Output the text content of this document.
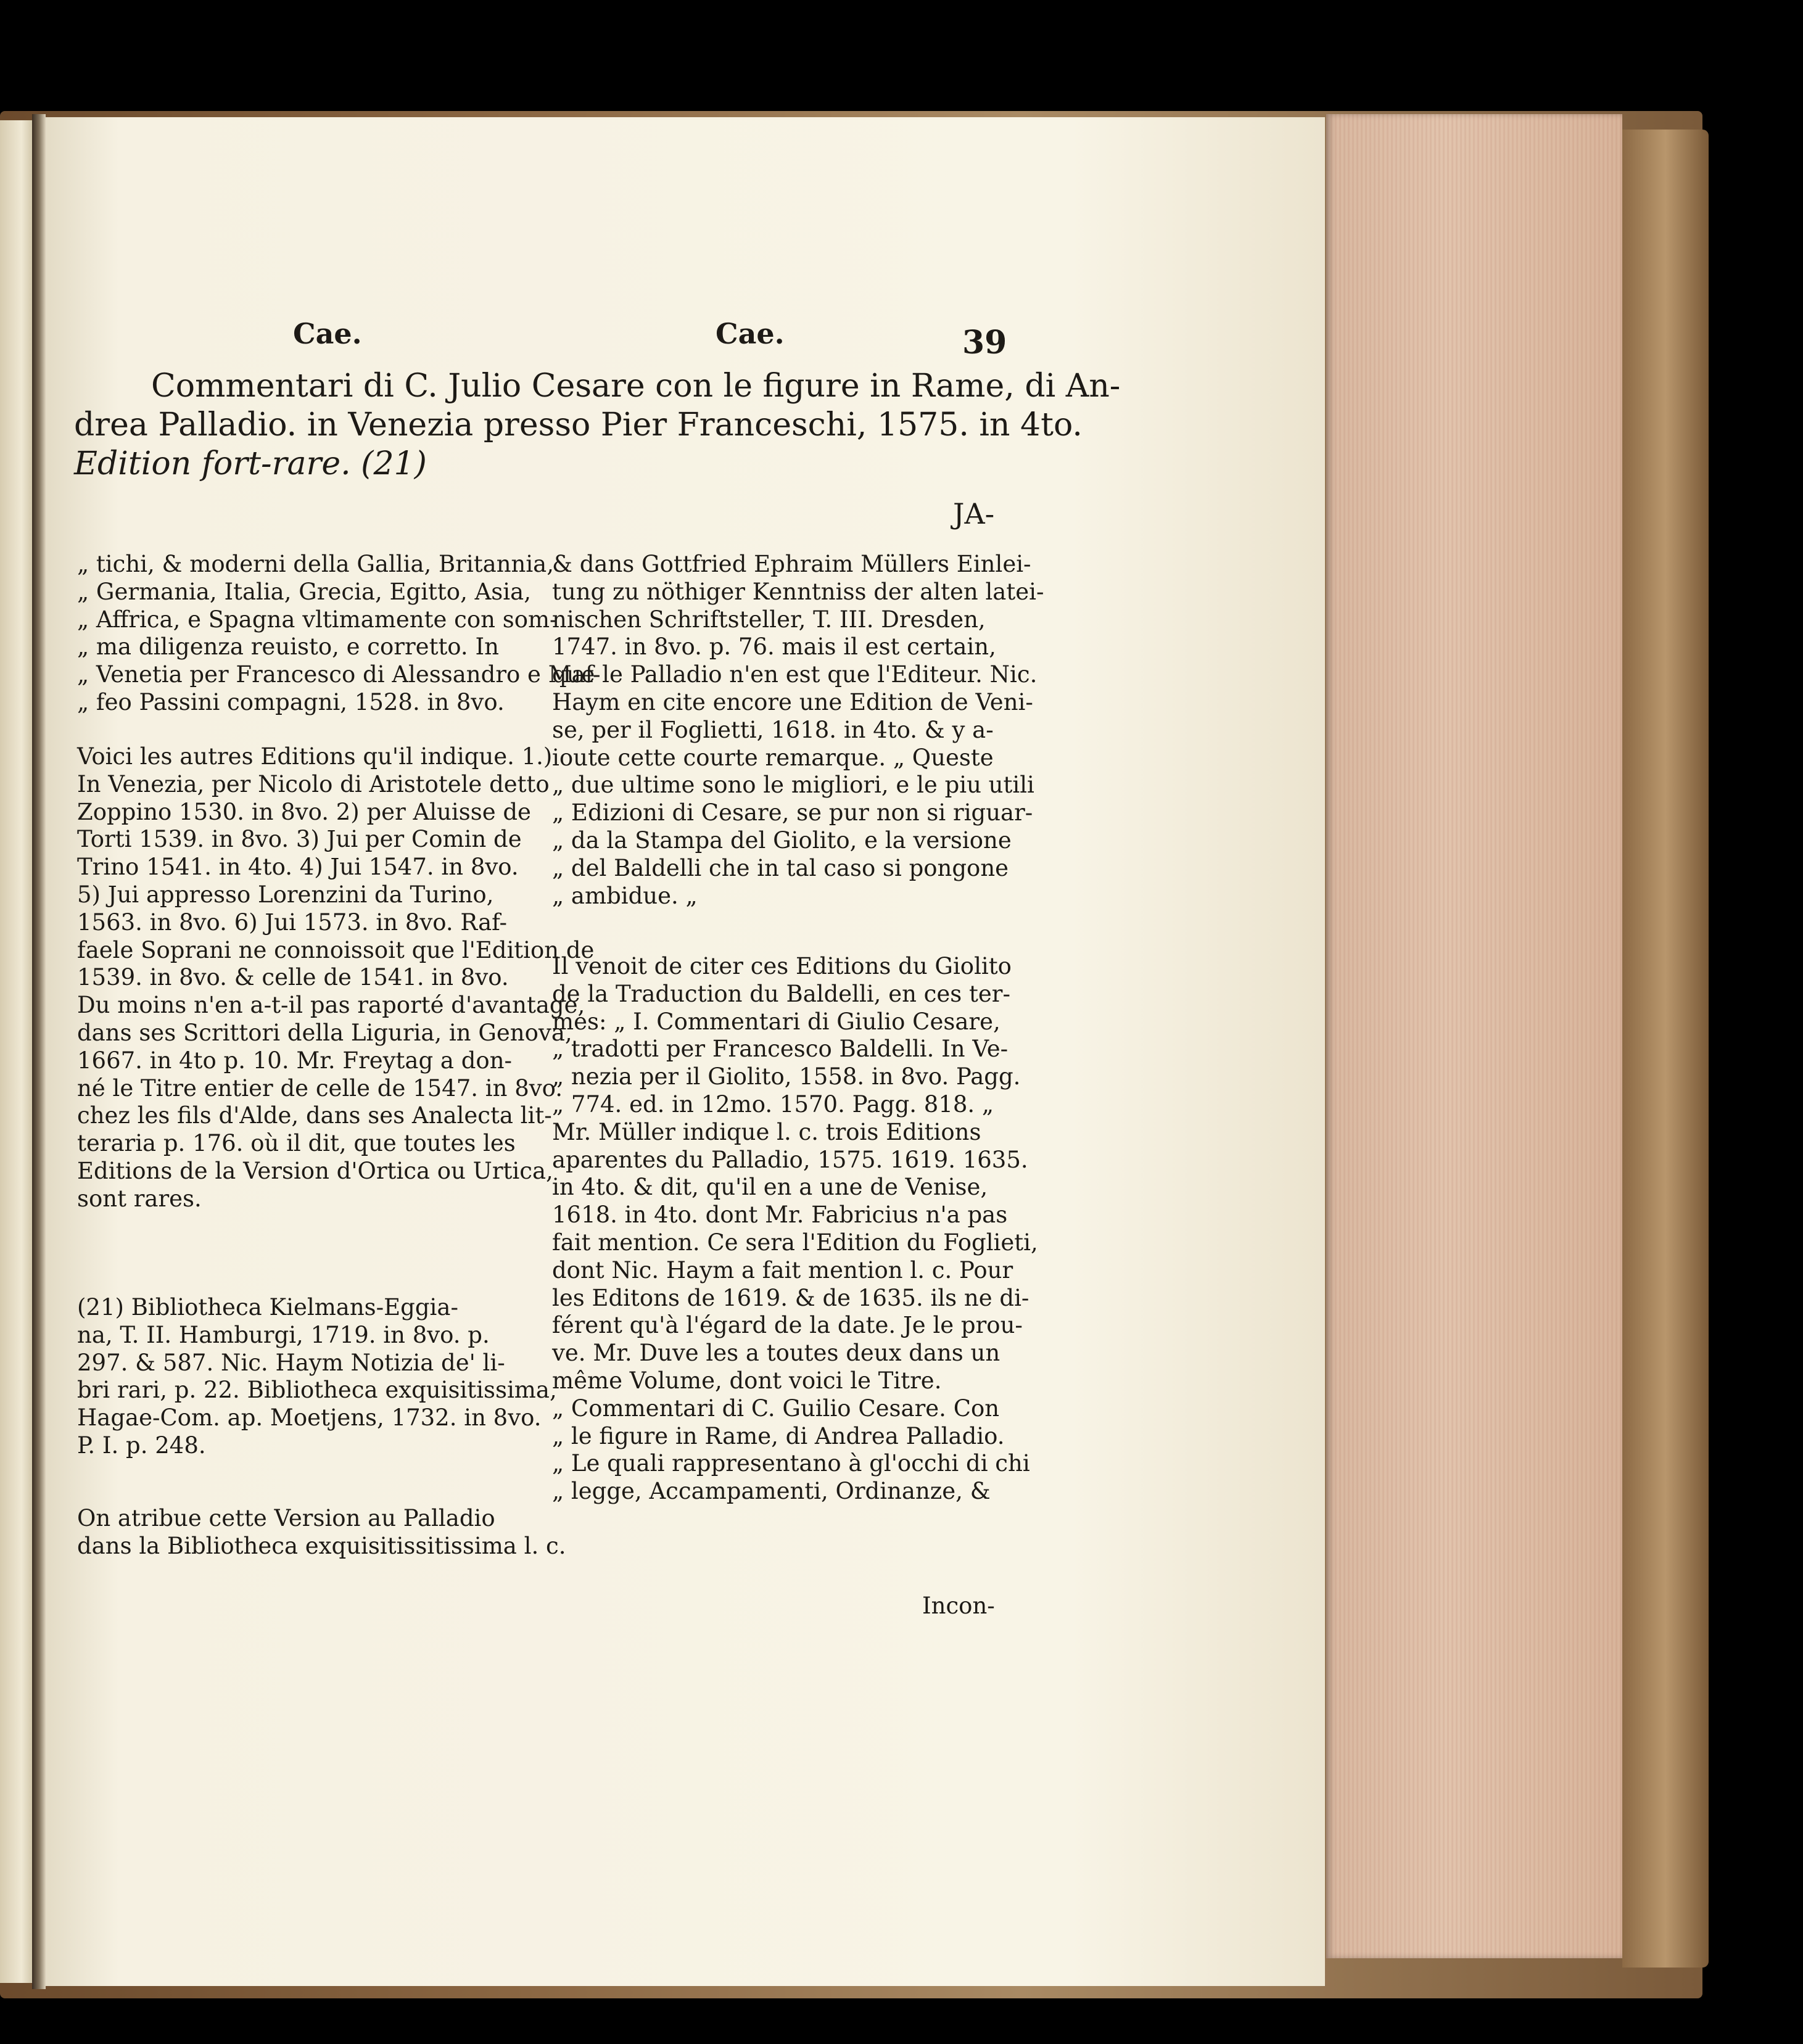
Cae.	Cae.	39
Commentari di C. Julio Cesare con le figure in Rame, di An-
drea Palladio. in Venezia presso Pier Franceschi, 1575. in 4to.
Edition fort-rare. (21)
JA-
„ tichi, & moderni della Gallia, Britannia,
„ Germania, Italia, Grecia, Egitto, Asia,
„ Affrica, e Spagna vltimamente con som-
„ ma diligenza reuisto, e corretto. In
„ Venetia per Francesco di Alessandro e Maf-
„ feo Passini compagni, 1528. in 8vo.
Voici les autres Editions qu'il indique. 1.)
In Venezia, per Nicolo di Aristotele detto
Zoppino 1530. in 8vo. 2) per Aluisse de
Torti 1539. in 8vo. 3) Jui per Comin de
Trino 1541. in 4to. 4) Jui 1547. in 8vo.
5) Jui appresso Lorenzini da Turino,
1563. in 8vo. 6) Jui 1573. in 8vo. Raf-
faele Soprani ne connoissoit que l'Edition de
1539. in 8vo. & celle de 1541. in 8vo.
Du moins n'en a-t-il pas raporté d'avantage,
dans ses Scrittori della Liguria, in Genova,
1667. in 4to p. 10. Mr. Freytag a don-
né le Titre entier de celle de 1547. in 8vo.
chez les fils d'Alde, dans ses Analecta lit-
teraria p. 176. où il dit, que toutes les
Editions de la Version d'Ortica ou Urtica,
sont rares.
(21) Bibliotheca Kielmans-Eggia-
na, T. II. Hamburgi, 1719. in 8vo. p.
297. & 587. Nic. Haym Notizia de' li-
bri rari, p. 22. Bibliotheca exquisitissima,
Hagae-Com. ap. Moetjens, 1732. in 8vo.
P. I. p. 248.
On atribue cette Version au Palladio
dans la Bibliotheca exquisitissitissima l. c.
& dans Gottfried Ephraim Müllers Einlei-
tung zu nöthiger Kenntniss der alten latei-
nischen Schriftsteller, T. III. Dresden,
1747. in 8vo. p. 76. mais il est certain,
que le Palladio n'en est que l'Editeur. Nic.
Haym en cite encore une Edition de Veni-
se, per il Foglietti, 1618. in 4to. & y a-
ioute cette courte remarque. „ Queste
„ due ultime sono le migliori, e le piu utili
„ Edizioni di Cesare, se pur non si riguar-
„ da la Stampa del Giolito, e la versione
„ del Baldelli che in tal caso si pongone
„ ambidue. „
Il venoit de citer ces Editions du Giolito
de la Traduction du Baldelli, en ces ter-
mes: „ I. Commentari di Giulio Cesare,
„ tradotti per Francesco Baldelli. In Ve-
„ nezia per il Giolito, 1558. in 8vo. Pagg.
„ 774. ed. in 12mo. 1570. Pagg. 818. „
Mr. Müller indique l. c. trois Editions
aparentes du Palladio, 1575. 1619. 1635.
in 4to. & dit, qu'il en a une de Venise,
1618. in 4to. dont Mr. Fabricius n'a pas
fait mention. Ce sera l'Edition du Foglieti,
dont Nic. Haym a fait mention l. c. Pour
les Editons de 1619. & de 1635. ils ne di-
férent qu'à l'égard de la date. Je le prou-
ve. Mr. Duve les a toutes deux dans un
même Volume, dont voici le Titre.
„ Commentari di C. Guilio Cesare. Con
„ le figure in Rame, di Andrea Palladio.
„ Le quali rappresentano à gl'occhi di chi
„ legge, Accampamenti, Ordinanze, &
Incon-
